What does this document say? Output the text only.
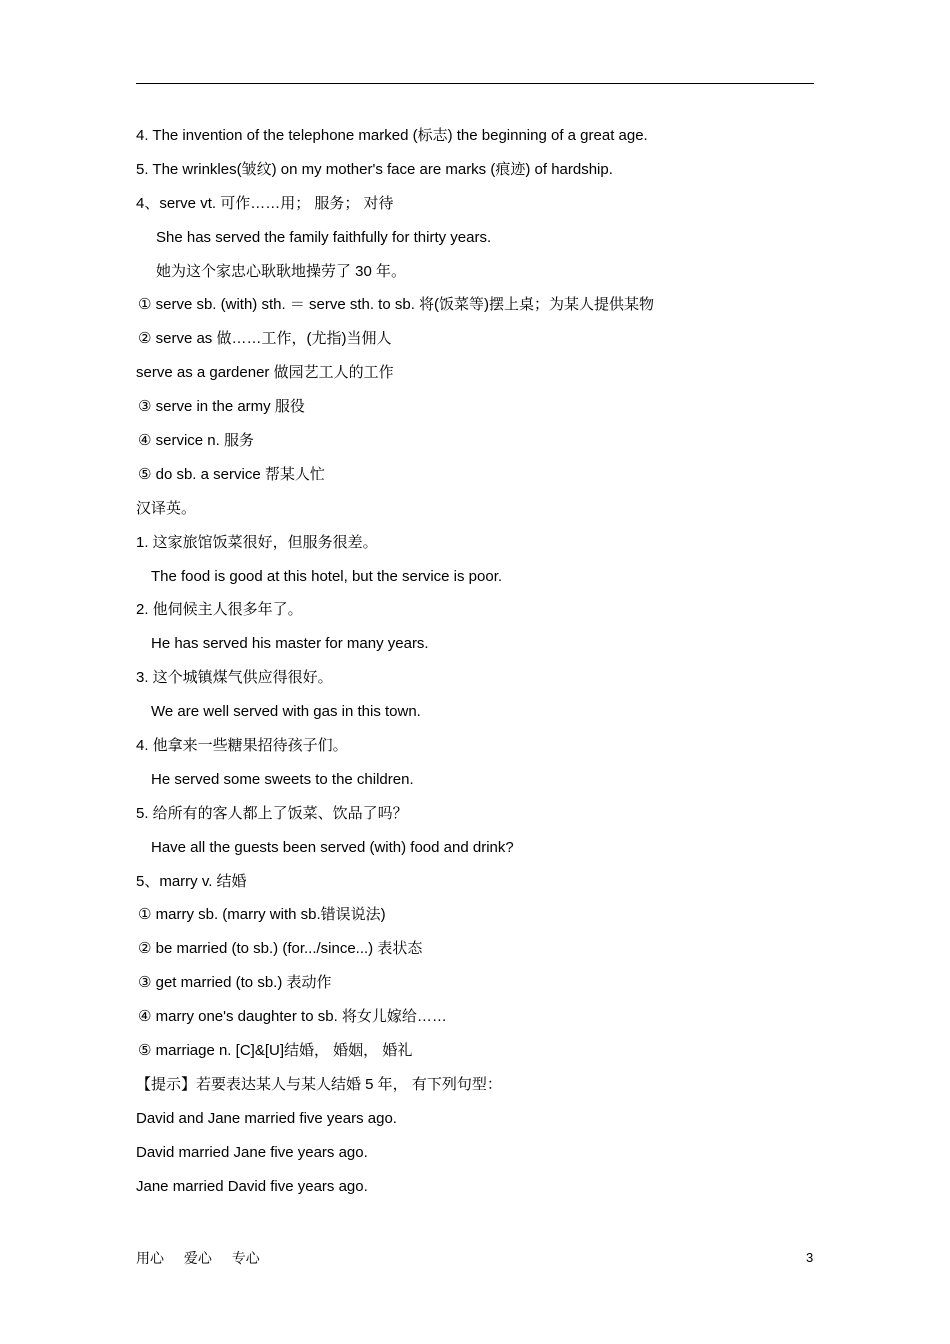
4. The invention of the telephone marked (标志) the beginning of a great age.
5. The wrinkles(皱纹) on my mother's face are marks (痕迹) of hardship.
4、serve vt. 可作……用； 服务； 对待
She has served the family faithfully for thirty years.
她为这个家忠心耿耿地操劳了 30 年。
① serve sb. (with) sth. ＝ serve sth. to sb. 将(饭菜等)摆上桌；为某人提供某物
② serve as 做……工作，(尤指)当佣人
serve as a gardener 做园艺工人的工作
③ serve in the army 服役
④ service n. 服务
⑤ do sb. a service 帮某人忙
汉译英。
1. 这家旅馆饭菜很好，但服务很差。
The food is good at this hotel, but the service is poor.
2. 他伺候主人很多年了。
He has served his master for many years.
3. 这个城镇煤气供应得很好。
We are well served with gas in this town.
4. 他拿来一些糖果招待孩子们。
He served some sweets to the children.
5. 给所有的客人都上了饭菜、饮品了吗？
Have all the guests been served (with) food and drink?
5、marry v. 结婚
① marry sb. (marry with sb.错误说法)
② be married (to sb.) (for.../since...) 表状态
③ get married (to sb.) 表动作
④ marry one's daughter to sb. 将女儿嫁给……
⑤ marriage n. [C]&[U]结婚， 婚姻， 婚礼
【提示】若要表达某人与某人结婚 5 年， 有下列句型：
David and Jane married five years ago.
David married Jane five years ago.
Jane married David five years ago.
用心 爱心 专心	3
